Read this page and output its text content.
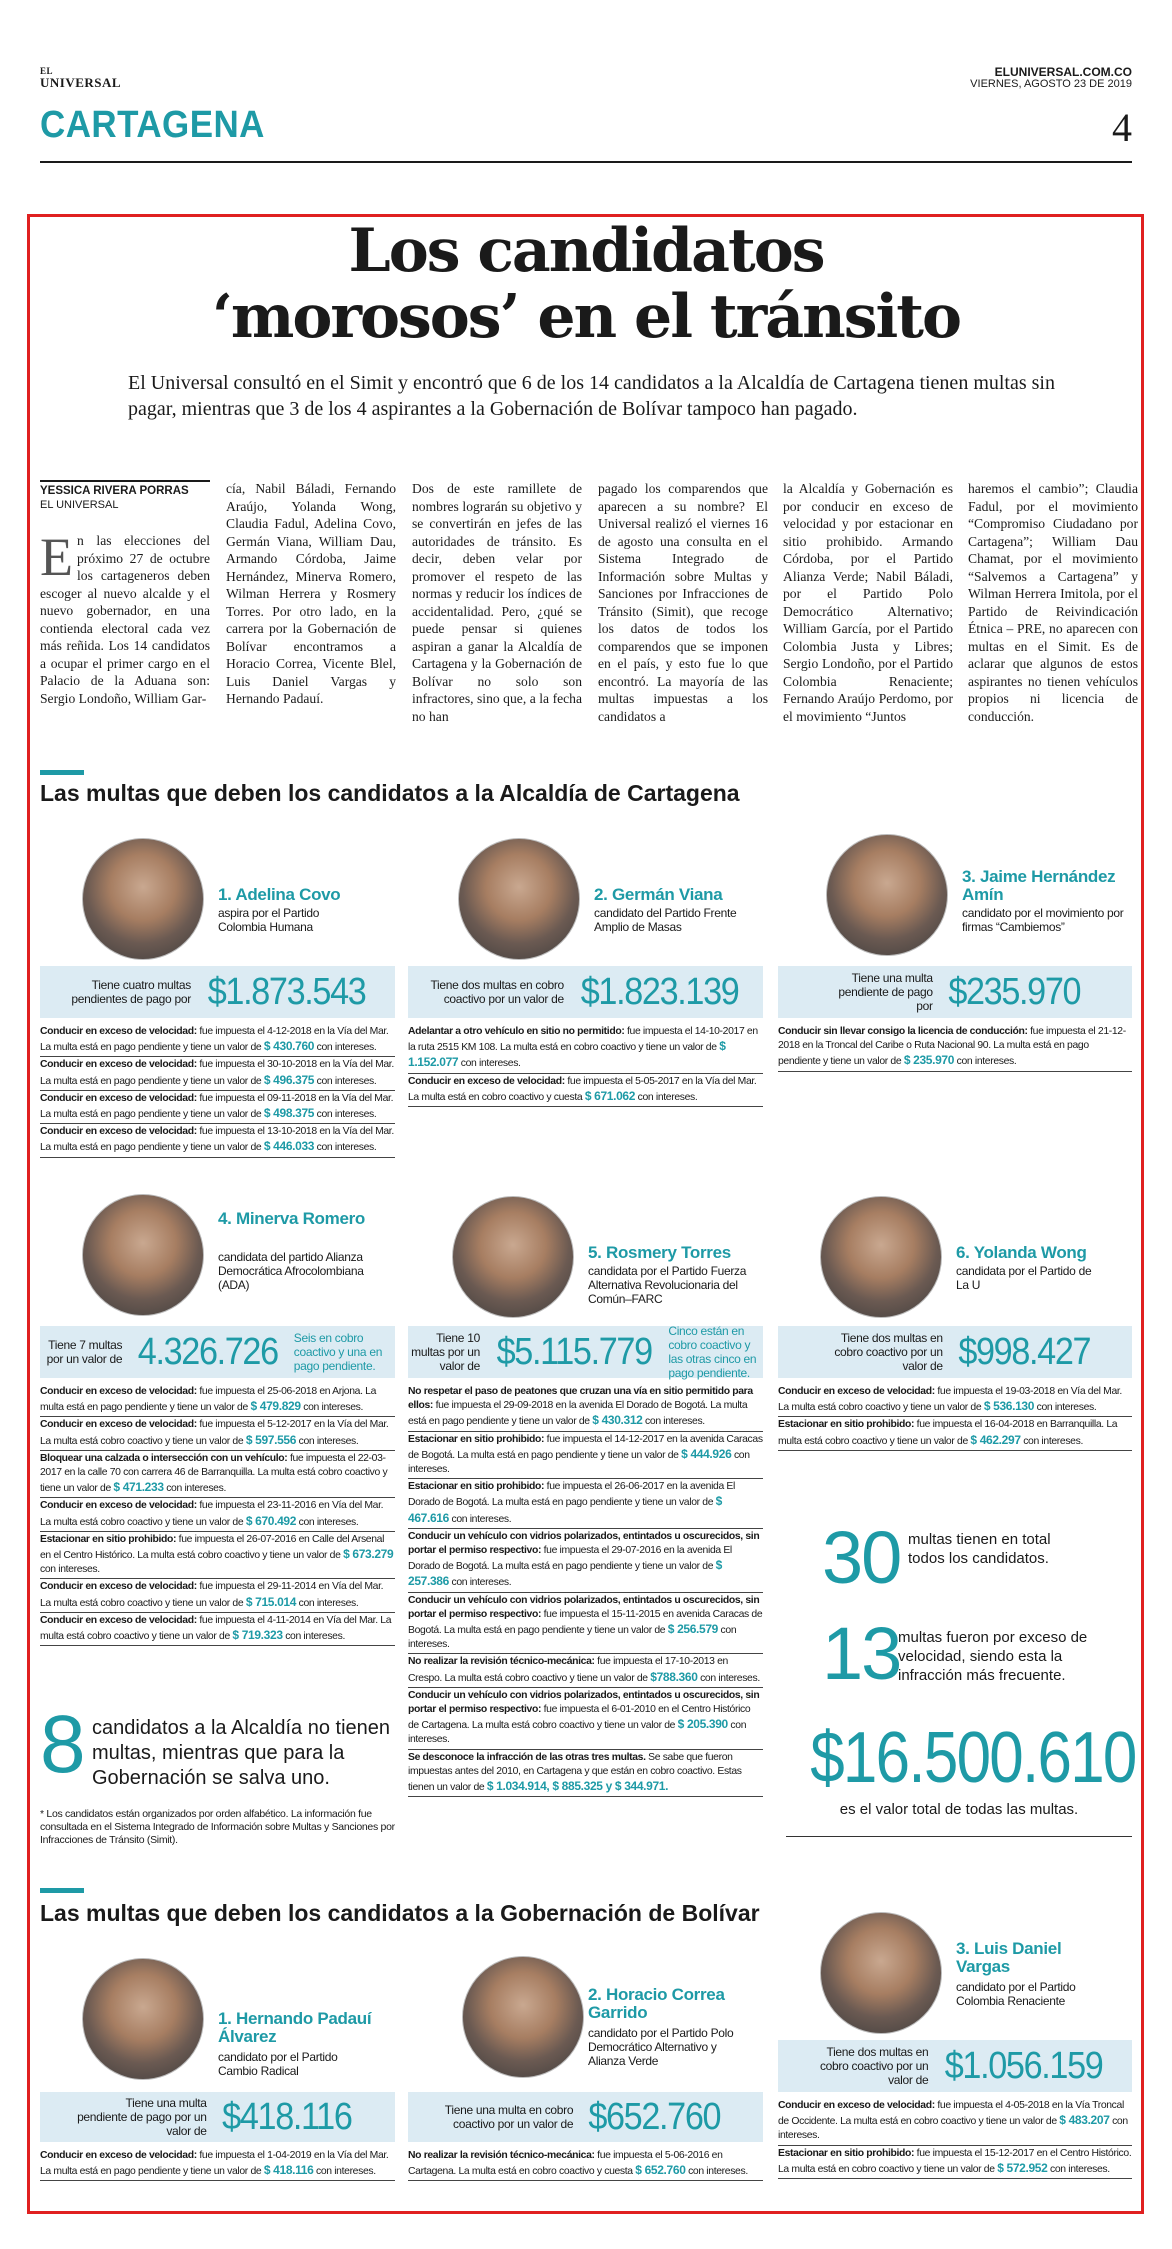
EL
UNIVERSAL
ELUNIVERSAL.COM.CO
VIERNES, AGOSTO 23 DE 2019
CARTAGENA	4
Los candidatos
‘morosos’ en el tránsito
El Universal consultó en el Simit y encontró que 6 de los 14 candidatos a la Alcaldía de Cartagena tienen multas sin pagar, mientras que 3 de los 4 aspirantes a la Gobernación de Bolívar tampoco han pagado.
YESSICA RIVERA PORRAS
EL UNIVERSAL
En las elecciones del próximo 27 de octubre los cartageneros deben escoger al nuevo alcalde y el nuevo gobernador, en una contienda electoral cada vez más reñida. Los 14 candidatos a ocupar el primer cargo en el Palacio de la Aduana son: Sergio Londoño, William Gar-
cía, Nabil Báladi, Fernando Araújo, Yolanda Wong, Claudia Fadul, Adelina Covo, Germán Viana, William Dau, Armando Córdoba, Jaime Hernández, Minerva Romero, Wilman Herrera y Rosmery Torres. Por otro lado, en la carrera por la Gobernación de Bolívar encontramos a Horacio Correa, Vicente Blel, Luis Daniel Vargas y Hernando Padauí.
Dos de este ramillete de nombres lograrán su objetivo y se convertirán en jefes de las autoridades de tránsito. Es decir, deben velar por promover el respeto de las normas y reducir los índices de accidentalidad. Pero, ¿qué se puede pensar si quienes aspiran a ganar la Alcaldía de Cartagena y la Gobernación de Bolívar no solo son infractores, sino que, a la fecha no han
pagado los comparendos que aparecen a su nombre? El Universal realizó el viernes 16 de agosto una consulta en el Sistema Integrado de Información sobre Multas y Sanciones por Infracciones de Tránsito (Simit), que recoge los datos de todos los comparendos que se imponen en el país, y esto fue lo que encontró. La mayoría de las multas impuestas a los candidatos a
la Alcaldía y Gobernación es por conducir en exceso de velocidad y por estacionar en sitio prohibido. Armando Córdoba, por el Partido Alianza Verde; Nabil Báladi, por el Partido Polo Democrático Alternativo; William García, por el Partido Colombia Justa y Libres; Sergio Londoño, por el Partido Colombia Renaciente; Fernando Araújo Perdomo, por el movimiento “Juntos
haremos el cambio”; Claudia Fadul, por el movimiento “Compromiso Ciudadano por Cartagena”; William Dau Chamat, por el movimiento “Salvemos a Cartagena” y Wilman Herrera Imitola, por el Partido de Reivindicación Étnica – PRE, no aparecen con multas en el Simit. Es de aclarar que algunos de estos aspirantes no tienen vehículos propios ni licencia de conducción.
Las multas que deben los candidatos a la Alcaldía de Cartagena
1. Adelina Covo
aspira por el Partido Colombia Humana
Tiene cuatro multas pendientes de pago por $1.873.543
Conducir en exceso de velocidad: fue impuesta el 4-12-2018 en la Vía del Mar. La multa está en pago pendiente y tiene un valor de $ 430.760 con intereses.
Conducir en exceso de velocidad: fue impuesta el 30-10-2018 en la Vía del Mar. La multa está en pago pendiente y tiene un valor de $ 496.375 con intereses.
Conducir en exceso de velocidad: fue impuesta el 09-11-2018 en la Vía del Mar. La multa está en pago pendiente y tiene un valor de $ 498.375 con intereses.
Conducir en exceso de velocidad: fue impuesta el 13-10-2018 en la Vía del Mar. La multa está en pago pendiente y tiene un valor de $ 446.033 con intereses.
2. Germán Viana
candidato del Partido Frente Amplio de Masas
Tiene dos multas en cobro coactivo por un valor de $1.823.139
Adelantar a otro vehículo en sitio no permitido: fue impuesta el 14-10-2017 en la ruta 2515 KM 108. La multa está en cobro coactivo y tiene un valor de $ 1.152.077 con intereses.
Conducir en exceso de velocidad: fue impuesta el 5-05-2017 en la Vía del Mar. La multa está en cobro coactivo y cuesta $ 671.062 con intereses.
3. Jaime Hernández Amín
candidato por el movimiento por firmas “Cambiemos”
Tiene una multa pendiente de pago por $235.970
Conducir sin llevar consigo la licencia de conducción: fue impuesta el 21-12-2018 en la Troncal del Caribe o Ruta Nacional 90. La multa está en pago pendiente y tiene un valor de $ 235.970 con intereses.
4. Minerva Romero
candidata del partido Alianza Democrática Afrocolombiana (ADA)
Tiene 7 multas por un valor de 4.326.726 Seis en cobro coactivo y una en pago pendiente.
Conducir en exceso de velocidad: fue impuesta el 25-06-2018 en Arjona. La multa está en pago pendiente y tiene un valor de $ 479.829 con intereses.
Conducir en exceso de velocidad: fue impuesta el 5-12-2017 en la Vía del Mar. La multa está cobro coactivo y tiene un valor de $ 597.556 con intereses.
Bloquear una calzada o intersección con un vehículo: fue impuesta el 22-03-2017 en la calle 70 con carrera 46 de Barranquilla. La multa está cobro coactivo y tiene un valor de $ 471.233 con intereses.
Conducir en exceso de velocidad: fue impuesta el 23-11-2016 en Vía del Mar. La multa está cobro coactivo y tiene un valor de $ 670.492 con intereses.
Estacionar en sitio prohibido: fue impuesta el 26-07-2016 en Calle del Arsenal en el Centro Histórico. La multa está cobro coactivo y tiene un valor de $ 673.279 con intereses.
Conducir en exceso de velocidad: fue impuesta el 29-11-2014 en Vía del Mar. La multa está cobro coactivo y tiene un valor de $ 715.014 con intereses.
Conducir en exceso de velocidad: fue impuesta el 4-11-2014 en Vía del Mar. La multa está cobro coactivo y tiene un valor de $ 719.323 con intereses.
5. Rosmery Torres
candidata por el Partido Fuerza Alternativa Revolucionaria del Común–FARC
Tiene 10 multas por un valor de $5.115.779 Cinco están en cobro coactivo y las otras cinco en pago pendiente.
No respetar el paso de peatones que cruzan una vía en sitio permitido para ellos: fue impuesta el 29-09-2018 en la avenida El Dorado de Bogotá. La multa está en pago pendiente y tiene un valor de $ 430.312 con intereses.
Estacionar en sitio prohibido: fue impuesta el 14-12-2017 en la avenida Caracas de Bogotá. La multa está en pago pendiente y tiene un valor de $ 444.926 con intereses.
Estacionar en sitio prohibido: fue impuesta el 26-06-2017 en la avenida El Dorado de Bogotá. La multa está en pago pendiente y tiene un valor de $ 467.616 con intereses.
Conducir un vehículo con vidrios polarizados, entintados u oscurecidos, sin portar el permiso respectivo: fue impuesta el 29-07-2016 en la avenida El Dorado de Bogotá. La multa está en pago pendiente y tiene un valor de $ 257.386 con intereses.
Conducir un vehículo con vidrios polarizados, entintados u oscurecidos, sin portar el permiso respectivo: fue impuesta el 15-11-2015 en avenida Caracas de Bogotá. La multa está en pago pendiente y tiene un valor de $ 256.579 con intereses.
No realizar la revisión técnico-mecánica: fue impuesta el 17-10-2013 en Crespo. La multa está cobro coactivo y tiene un valor de $788.360 con intereses.
Conducir un vehículo con vidrios polarizados, entintados u oscurecidos, sin portar el permiso respectivo: fue impuesta el 6-01-2010 en el Centro Histórico de Cartagena. La multa está cobro coactivo y tiene un valor de $ 205.390 con intereses.
Se desconoce la infracción de las otras tres multas. Se sabe que fueron impuestas antes del 2010, en Cartagena y que están en cobro coactivo. Estas tienen un valor de $ 1.034.914, $ 885.325 y $ 344.971.
6. Yolanda Wong
candidata por el Partido de La U
Tiene dos multas en cobro coactivo por un valor de $998.427
Conducir en exceso de velocidad: fue impuesta el 19-03-2018 en Vía del Mar. La multa está cobro coactivo y tiene un valor de $ 536.130 con intereses.
Estacionar en sitio prohibido: fue impuesta el 16-04-2018 en Barranquilla. La multa está cobro coactivo y tiene un valor de $ 462.297 con intereses.
8 candidatos a la Alcaldía no tienen multas, mientras que para la Gobernación se salva uno.
* Los candidatos están organizados por orden alfabético. La información fue consultada en el Sistema Integrado de Información sobre Multas y Sanciones por Infracciones de Tránsito (Simit).
30 multas tienen en total todos los candidatos.
13
multas fueron por exceso de velocidad, siendo esta la infracción más frecuente.
$16.500.610
es el valor total de todas las multas.
Las multas que deben los candidatos a la Gobernación de Bolívar
1. Hernando Padauí Álvarez
candidato por el Partido Cambio Radical
Tiene una multa pendiente de pago por un valor de $418.116
Conducir en exceso de velocidad: fue impuesta el 1-04-2019 en la Vía del Mar. La multa está en pago pendiente y tiene un valor de $ 418.116 con intereses.
2. Horacio Correa Garrido
candidato por el Partido Polo Democrático Alternativo y Alianza Verde
Tiene una multa en cobro coactivo por un valor de $652.760
No realizar la revisión técnico-mecánica: fue impuesta el 5-06-2016 en Cartagena. La multa está en cobro coactivo y cuesta $ 652.760 con intereses.
3. Luis Daniel Vargas
candidato por el Partido Colombia Renaciente
Tiene dos multas en cobro coactivo por un valor de $1.056.159
Conducir en exceso de velocidad: fue impuesta el 4-05-2018 en la Vía Troncal de Occidente. La multa está en cobro coactivo y tiene un valor de $ 483.207 con intereses.
Estacionar en sitio prohibido: fue impuesta el 15-12-2017 en el Centro Histórico. La multa está en cobro coactivo y tiene un valor de $ 572.952 con intereses.
